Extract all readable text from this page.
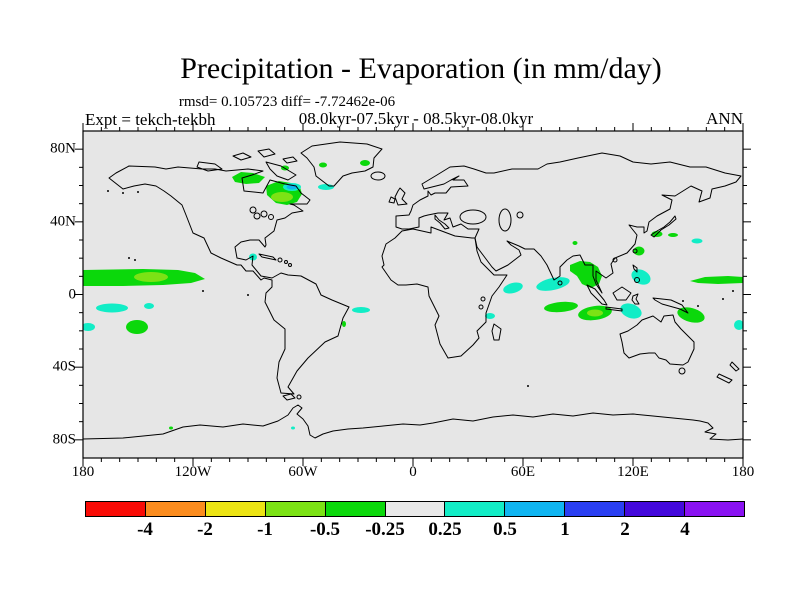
Precipitation - Evaporation (in mm/day)
rmsd= 0.105723 diff= -7.72462e-06
Expt = tekch-tekbh	08.0kyr-07.5kyr - 08.5kyr-08.0kyr	ANN
80N
40N
0
40S
80S
180	120W	60W	0	60E	120E	180
-4 -2 -1 -0.5 -0.25 0.25 0.5 1	2	4
